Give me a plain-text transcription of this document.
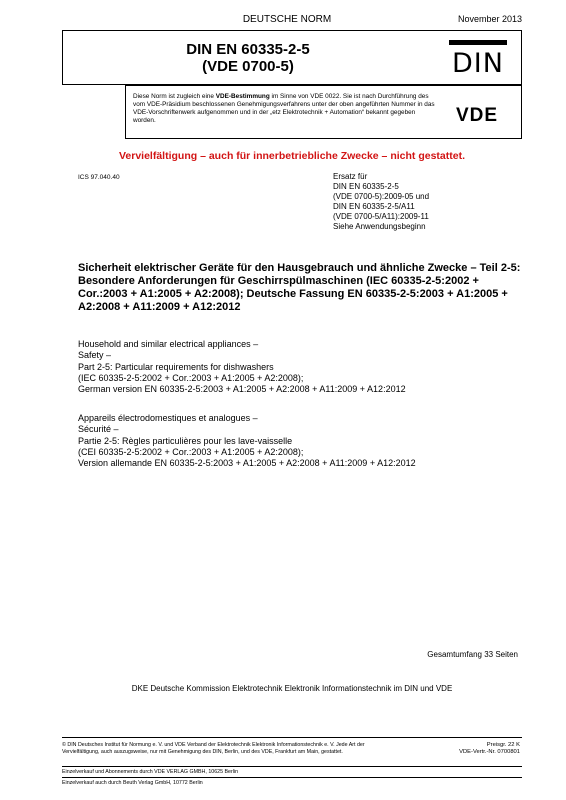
DEUTSCHE NORM	November 2013
DIN EN 60335-2-5
(VDE 0700-5)	DIN
Diese Norm ist zugleich eine VDE-Bestimmung im Sinne von VDE 0022. Sie ist nach Durchführung des vom VDE-Präsidium beschlossenen Genehmigungsverfahrens unter der oben angeführten Nummer in das VDE-Vorschriftenwerk aufgenommen und in der „etz Elektrotechnik + Automation“ bekannt gegeben worden.	VDE
Vervielfältigung – auch für innerbetriebliche Zwecke – nicht gestattet.
ICS 97.040.40	Ersatz für
DIN EN 60335-2-5
(VDE 0700-5):2009-05 und
DIN EN 60335-2-5/A11
(VDE 0700-5/A11):2009-11
Siehe Anwendungsbeginn
Sicherheit elektrischer Geräte für den Hausgebrauch und ähnliche Zwecke – Teil 2-5: Besondere Anforderungen für Geschirrspülmaschinen (IEC 60335-2-5:2002 + Cor.:2003 + A1:2005 + A2:2008); Deutsche Fassung EN 60335-2-5:2003 + A1:2005 + A2:2008 + A11:2009 + A12:2012
Household and similar electrical appliances –
Safety –
Part 2-5: Particular requirements for dishwashers
(IEC 60335-2-5:2002 + Cor.:2003 + A1:2005 + A2:2008);
German version EN 60335-2-5:2003 + A1:2005 + A2:2008 + A11:2009 + A12:2012
Appareils électrodomestiques et analogues –
Sécurité –
Partie 2-5: Règles particulières pour les lave-vaisselle
(CEI 60335-2-5:2002 + Cor.:2003 + A1:2005 + A2:2008);
Version allemande EN 60335-2-5:2003 + A1:2005 + A2:2008 + A11:2009 + A12:2012
Gesamtumfang 33 Seiten
DKE Deutsche Kommission Elektrotechnik Elektronik Informationstechnik im DIN und VDE
© DIN Deutsches Institut für Normung e. V. und VDE Verband der Elektrotechnik Elektronik Informationstechnik e. V. Jede Art der Vervielfältigung, auch auszugsweise, nur mit Genehmigung des DIN, Berlin, und des VDE, Frankfurt am Main, gestattet.
Preisgr. 22 K
VDE-Vertr.-Nr. 0700801
Einzelverkauf und Abonnements durch VDE VERLAG GMBH, 10625 Berlin
Einzelverkauf auch durch Beuth Verlag GmbH, 10772 Berlin
